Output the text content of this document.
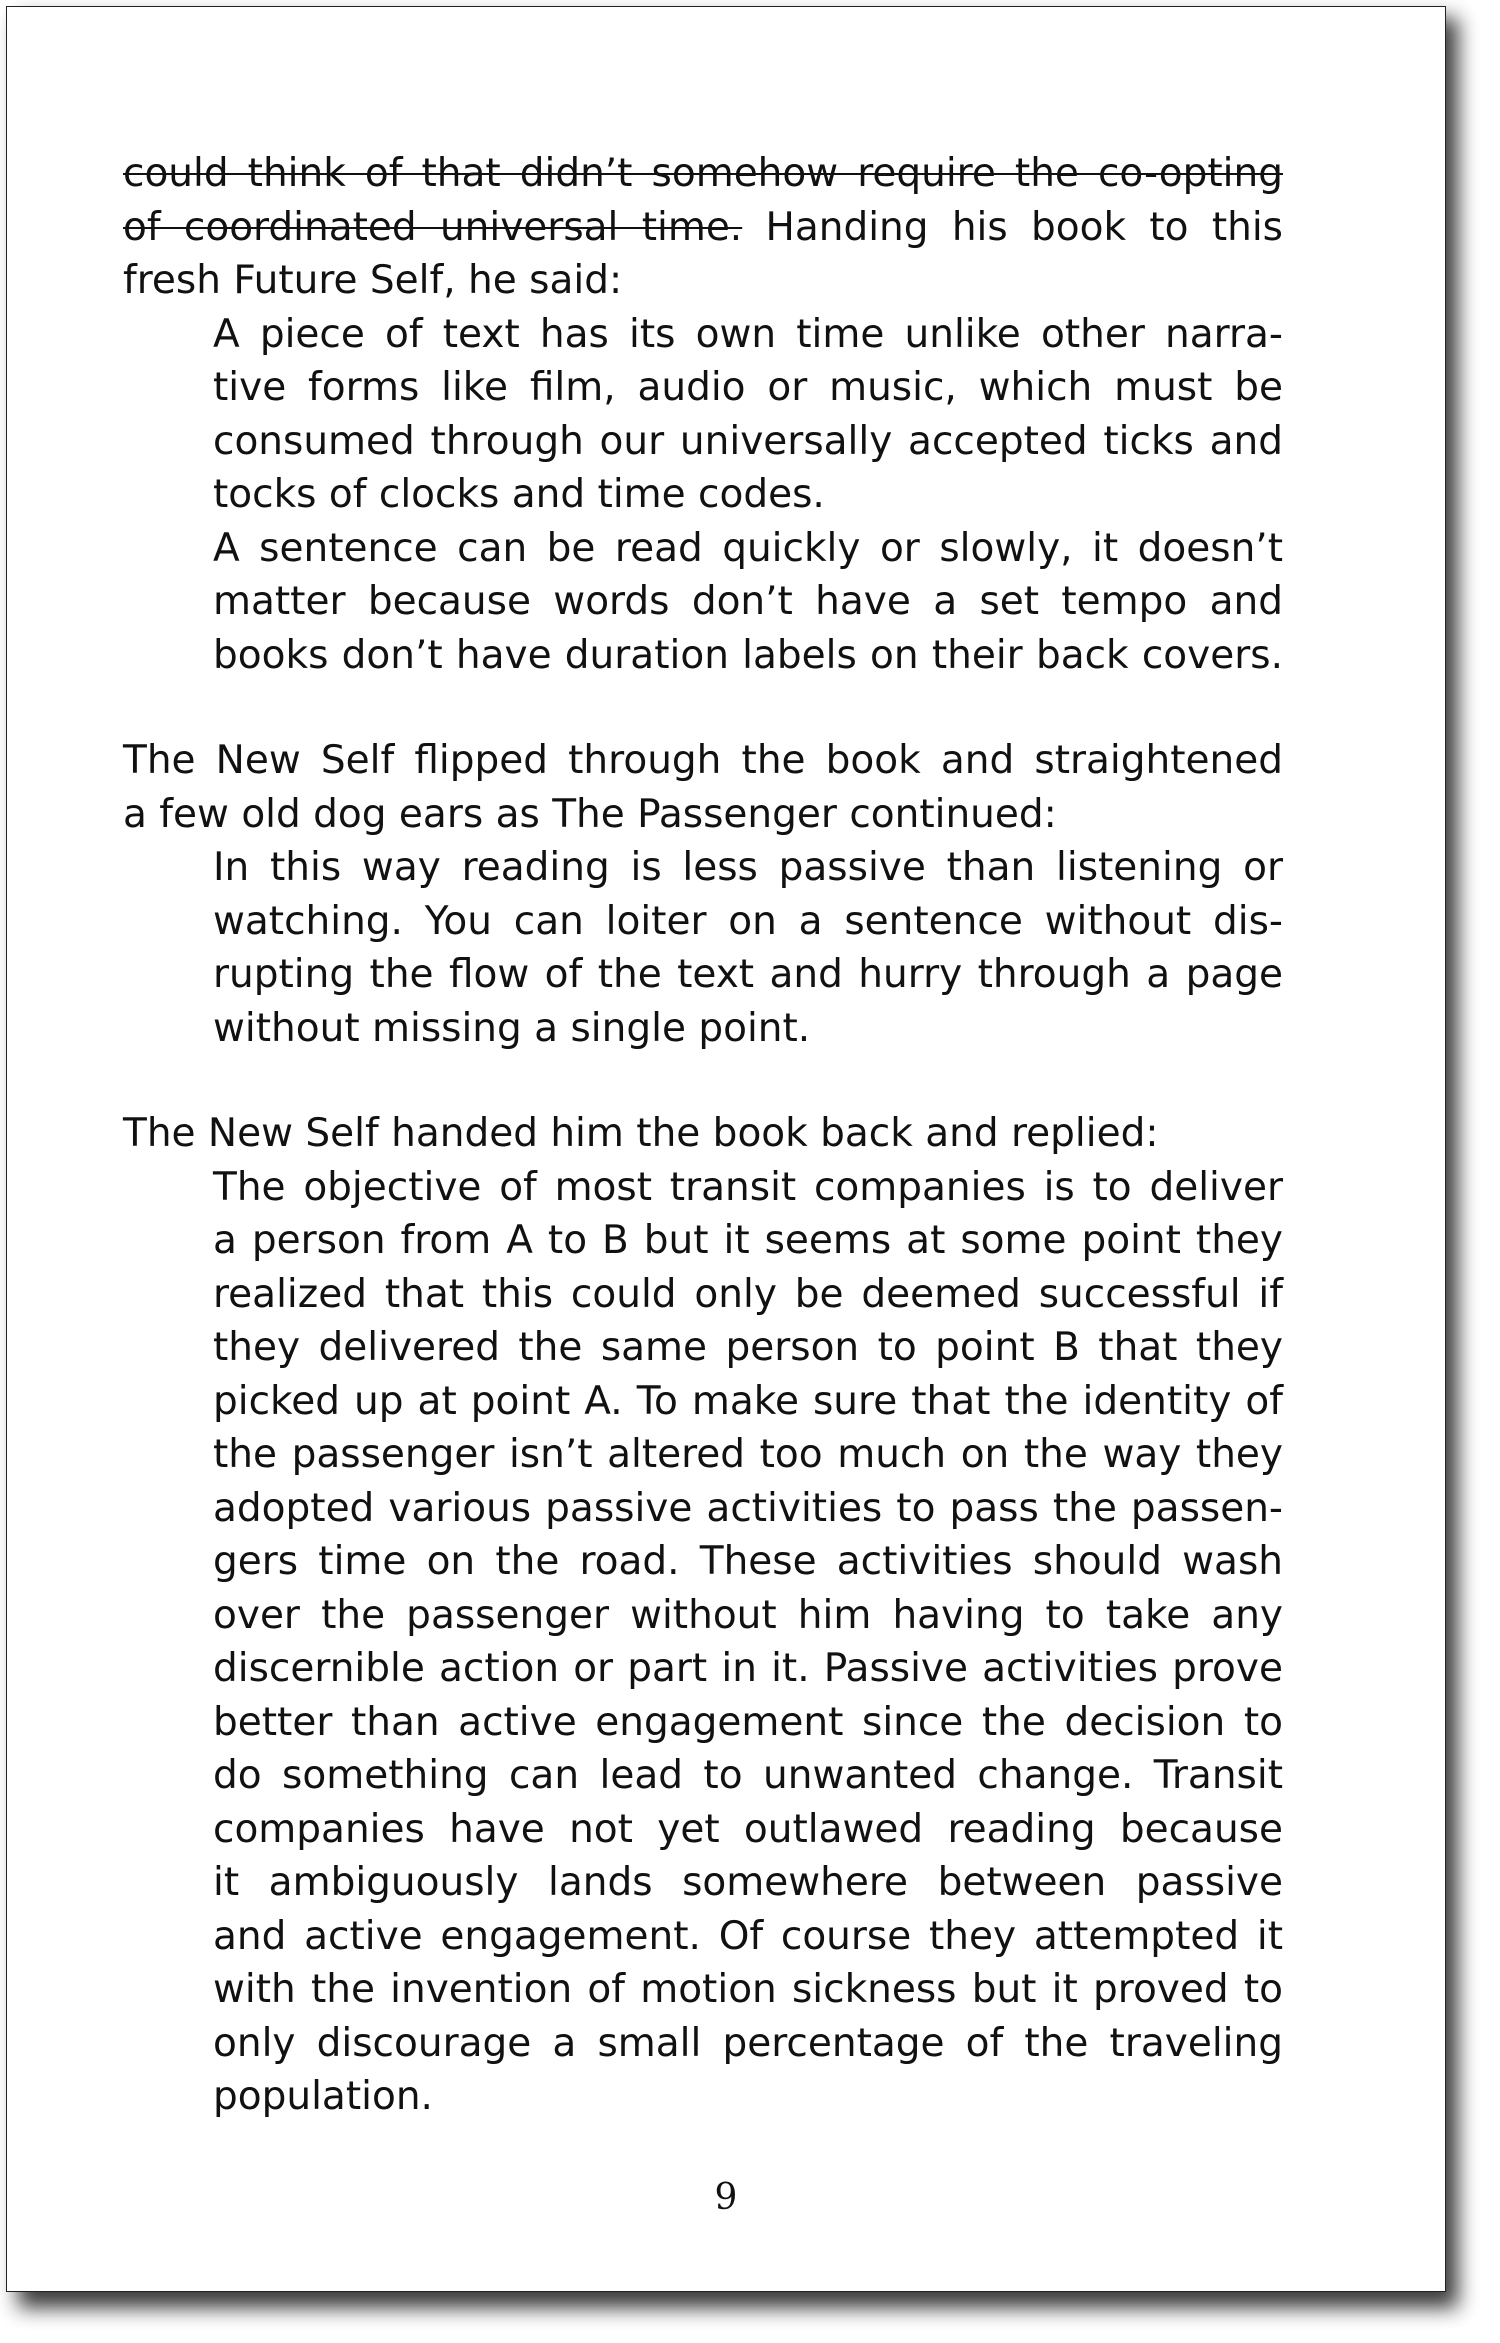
could think of that didn’t somehow require the co-opting
of coordinated universal time. Handing his book to this
fresh Future Self, he said:
A piece of text has its own time unlike other narra-
tive forms like film, audio or music, which must be
consumed through our universally accepted ticks and
tocks of clocks and time codes.
A sentence can be read quickly or slowly, it doesn’t
matter because words don’t have a set tempo and
books don’t have duration labels on their back covers.
The New Self flipped through the book and straightened
a few old dog ears as The Passenger continued:
In this way reading is less passive than listening or
watching. You can loiter on a sentence without dis-
rupting the flow of the text and hurry through a page
without missing a single point.
The New Self handed him the book back and replied:
The objective of most transit companies is to deliver
a person from A to B but it seems at some point they
realized that this could only be deemed successful if
they delivered the same person to point B that they
picked up at point A. To make sure that the identity of
the passenger isn’t altered too much on the way they
adopted various passive activities to pass the passen-
gers time on the road. These activities should wash
over the passenger without him having to take any
discernible action or part in it. Passive activities prove
better than active engagement since the decision to
do something can lead to unwanted change. Transit
companies have not yet outlawed reading because
it ambiguously lands somewhere between passive
and active engagement. Of course they attempted it
with the invention of motion sickness but it proved to
only discourage a small percentage of the traveling
population.
9
